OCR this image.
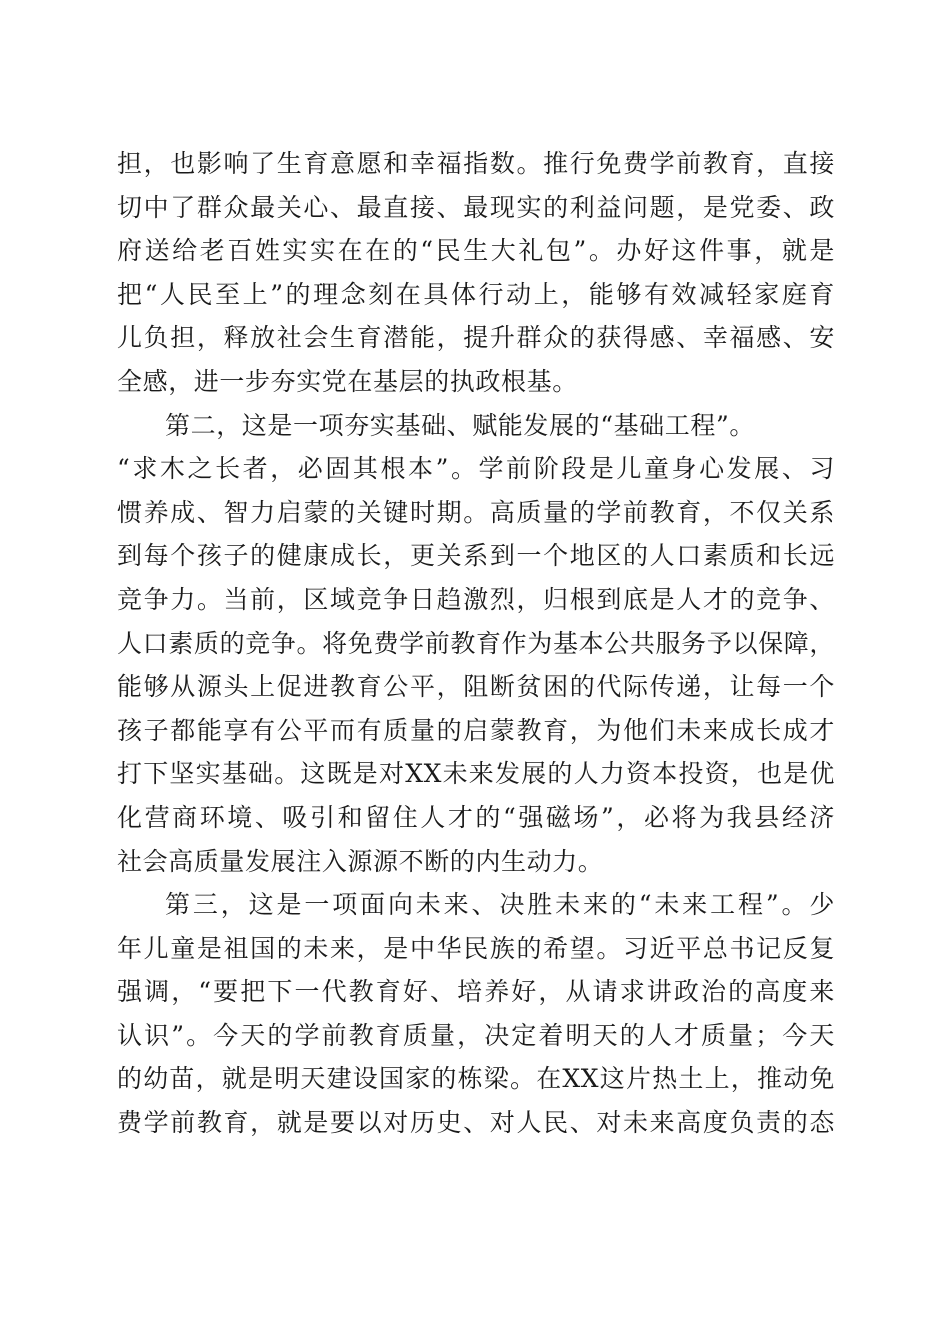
担，也影响了生育意愿和幸福指数。推行免费学前教育，直接
切中了群众最关心、最直接、最现实的利益问题，是党委、政
府送给老百姓实实在在的“民生大礼包”。办好这件事，就是
把“人民至上”的理念刻在具体行动上，能够有效减轻家庭育
儿负担，释放社会生育潜能，提升群众的获得感、幸福感、安
全感，进一步夯实党在基层的执政根基。
第二，这是一项夯实基础、赋能发展的“基础工程”。
“求木之长者，必固其根本”。学前阶段是儿童身心发展、习
惯养成、智力启蒙的关键时期。高质量的学前教育，不仅关系
到每个孩子的健康成长，更关系到一个地区的人口素质和长远
竞争力。当前，区域竞争日趋激烈，归根到底是人才的竞争、
人口素质的竞争。将免费学前教育作为基本公共服务予以保障，
能够从源头上促进教育公平，阻断贫困的代际传递，让每一个
孩子都能享有公平而有质量的启蒙教育，为他们未来成长成才
打下坚实基础。这既是对XX未来发展的人力资本投资，也是优
化营商环境、吸引和留住人才的“强磁场”，必将为我县经济
社会高质量发展注入源源不断的内生动力。
第三，这是一项面向未来、决胜未来的“未来工程”。少
年儿童是祖国的未来，是中华民族的希望。习近平总书记反复
强调，“要把下一代教育好、培养好，从请求讲政治的高度来
认识”。今天的学前教育质量，决定着明天的人才质量；今天
的幼苗，就是明天建设国家的栋梁。在XX这片热土上，推动免
费学前教育，就是要以对历史、对人民、对未来高度负责的态
